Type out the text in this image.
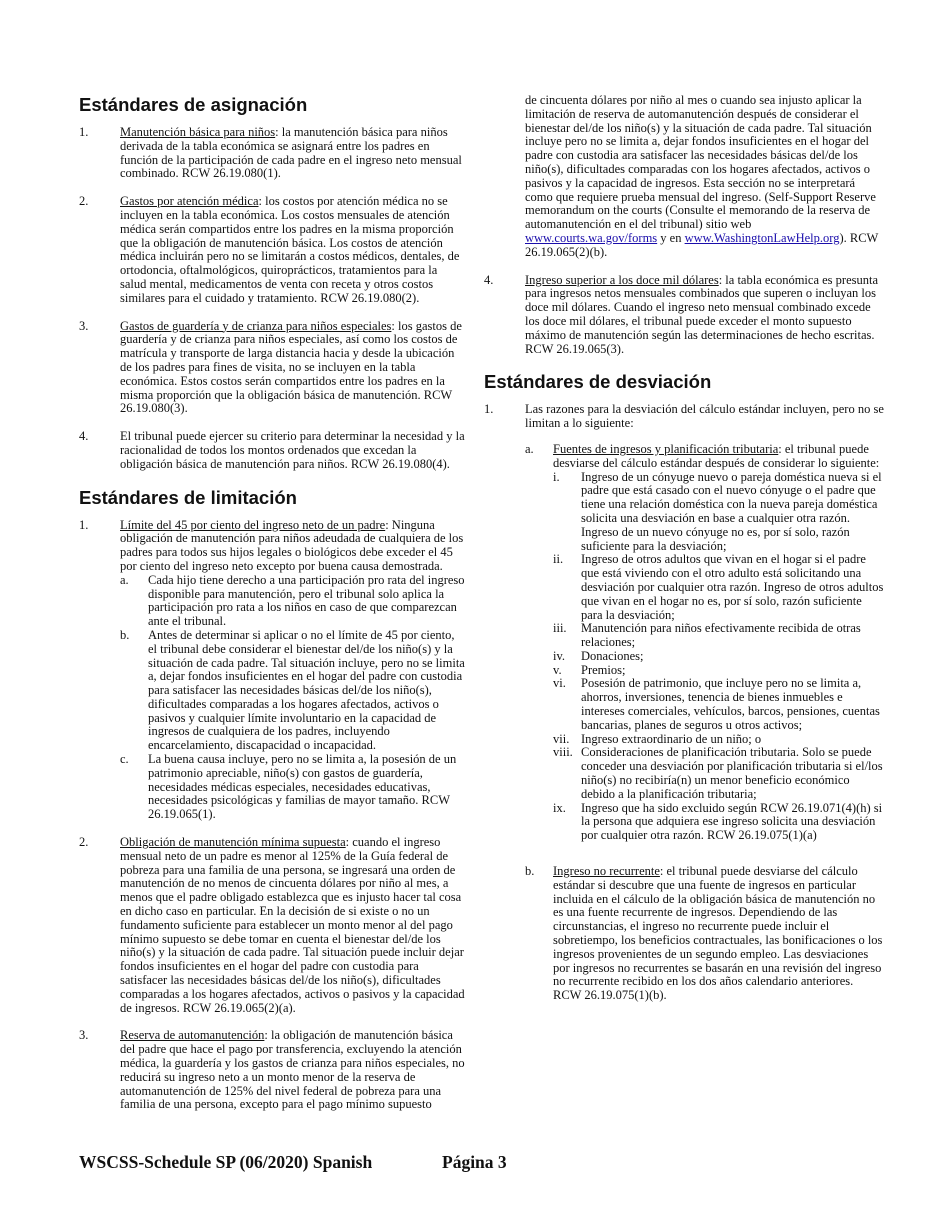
Estándares de asignación
1.	Manutención básica para niños: la manutención básica para niños derivada de la tabla económica se asignará entre los padres en función de la participación de cada padre en el ingreso neto mensual combinado. RCW 26.19.080(1).
2.	Gastos por atención médica: los costos por atención médica no se incluyen en la tabla económica. Los costos mensuales de atención médica serán compartidos entre los padres en la misma proporción que la obligación de manutención básica. Los costos de atención médica incluirán pero no se limitarán a costos médicos, dentales, de ortodoncia, oftalmológicos, quiroprácticos, tratamientos para la salud mental, medicamentos de venta con receta y otros costos similares para el cuidado y tratamiento. RCW 26.19.080(2).
3.	Gastos de guardería y de crianza para niños especiales: los gastos de guardería y de crianza para niños especiales, así como los costos de matrícula y transporte de larga distancia hacia y desde la ubicación de los padres para fines de visita, no se incluyen en la tabla económica. Estos costos serán compartidos entre los padres en la misma proporción que la obligación básica de manutención. RCW 26.19.080(3).
4.	El tribunal puede ejercer su criterio para determinar la necesidad y la racionalidad de todos los montos ordenados que excedan la obligación básica de manutención para niños. RCW 26.19.080(4).
Estándares de limitación
1.	Límite del 45 por ciento del ingreso neto de un padre: Ninguna obligación de manutención para niños adeudada de cualquiera de los padres para todos sus hijos legales o biológicos debe exceder el 45 por ciento del ingreso neto excepto por buena causa demostrada.
a.	Cada hijo tiene derecho a una participación pro rata del ingreso disponible para manutención, pero el tribunal solo aplica la participación pro rata a los niños en caso de que comparezcan ante el tribunal.
b.	Antes de determinar si aplicar o no el límite de 45 por ciento, el tribunal debe considerar el bienestar del/de los niño(s) y la situación de cada padre. Tal situación incluye, pero no se limita a, dejar fondos insuficientes en el hogar del padre con custodia para satisfacer las necesidades básicas del/de los niño(s), dificultades comparadas a los hogares afectados, activos o pasivos y cualquier límite involuntario en la capacidad de ingresos de cualquiera de los padres, incluyendo encarcelamiento, discapacidad o incapacidad.
c.	La buena causa incluye, pero no se limita a, la posesión de un patrimonio apreciable, niño(s) con gastos de guardería, necesidades médicas especiales, necesidades educativas, necesidades psicológicas y familias de mayor tamaño. RCW 26.19.065(1).
2.	Obligación de manutención mínima supuesta: cuando el ingreso mensual neto de un padre es menor al 125% de la Guía federal de pobreza para una familia de una persona, se ingresará una orden de manutención de no menos de cincuenta dólares por niño al mes, a menos que el padre obligado establezca que es injusto hacer tal cosa en dicho caso en particular. En la decisión de si existe o no un fundamento suficiente para establecer un monto menor al del pago mínimo supuesto se debe tomar en cuenta el bienestar del/de los niño(s) y la situación de cada padre. Tal situación puede incluir dejar fondos insuficientes en el hogar del padre con custodia para satisfacer las necesidades básicas del/de los niño(s), dificultades comparadas a los hogares afectados, activos o pasivos y la capacidad de ingresos. RCW 26.19.065(2)(a).
3.	Reserva de automanutención: la obligación de manutención básica del padre que hace el pago por transferencia, excluyendo la atención médica, la guardería y los gastos de crianza para niños especiales, no reducirá su ingreso neto a un monto menor de la reserva de automanutención de 125% del nivel federal de pobreza para una familia de una persona, excepto para el pago mínimo supuesto
de cincuenta dólares por niño al mes o cuando sea injusto aplicar la limitación de reserva de automanutención después de considerar el bienestar del/de los niño(s) y la situación de cada padre. Tal situación incluye pero no se limita a, dejar fondos insuficientes en el hogar del padre con custodia ara satisfacer las necesidades básicas del/de los niño(s), dificultades comparadas con los hogares afectados, activos o pasivos y la capacidad de ingresos. Esta sección no se interpretará como que requiere prueba mensual del ingreso. (Self-Support Reserve memorandum on the courts (Consulte el memorando de la reserva de automanutención en el del tribunal) sitio web www.courts.wa.gov/forms y en www.WashingtonLawHelp.org). RCW 26.19.065(2)(b).
4.	Ingreso superior a los doce mil dólares: la tabla económica es presunta para ingresos netos mensuales combinados que superen o incluyan los doce mil dólares. Cuando el ingreso neto mensual combinado excede los doce mil dólares, el tribunal puede exceder el monto supuesto máximo de manutención según las determinaciones de hecho escritas. RCW 26.19.065(3).
Estándares de desviación
1.	Las razones para la desviación del cálculo estándar incluyen, pero no se limitan a lo siguiente:
a.	Fuentes de ingresos y planificación tributaria: el tribunal puede desviarse del cálculo estándar después de considerar lo siguiente:
i.	Ingreso de un cónyuge nuevo o pareja doméstica nueva si el padre que está casado con el nuevo cónyuge o el padre que tiene una relación doméstica con la nueva pareja doméstica solicita una desviación en base a cualquier otra razón. Ingreso de un nuevo cónyuge no es, por sí solo, razón suficiente para la desviación;
ii.	Ingreso de otros adultos que vivan en el hogar si el padre que está viviendo con el otro adulto está solicitando una desviación por cualquier otra razón. Ingreso de otros adultos que vivan en el hogar no es, por sí solo, razón suficiente para la desviación;
iii.	Manutención para niños efectivamente recibida de otras relaciones;
iv.	Donaciones;
v.	Premios;
vi.	Posesión de patrimonio, que incluye pero no se limita a, ahorros, inversiones, tenencia de bienes inmuebles e intereses comerciales, vehículos, barcos, pensiones, cuentas bancarias, planes de seguros u otros activos;
vii. Ingreso extraordinario de un niño; o
viii. Consideraciones de planificación tributaria. Solo se puede conceder una desviación por planificación tributaria si el/los niño(s) no recibiría(n) un menor beneficio económico debido a la planificación tributaria;
ix.	Ingreso que ha sido excluido según RCW 26.19.071(4)(h) si la persona que adquiera ese ingreso solicita una desviación por cualquier otra razón. RCW 26.19.075(1)(a)
b.	Ingreso no recurrente: el tribunal puede desviarse del cálculo estándar si descubre que una fuente de ingresos en particular incluida en el cálculo de la obligación básica de manutención no es una fuente recurrente de ingresos. Dependiendo de las circunstancias, el ingreso no recurrente puede incluir el sobretiempo, los beneficios contractuales, las bonificaciones o los ingresos provenientes de un segundo empleo. Las desviaciones por ingresos no recurrentes se basarán en una revisión del ingreso no recurrente recibido en los dos años calendario anteriores. RCW 26.19.075(1)(b).
WSCSS-Schedule SP (06/2020) Spanish	Página 3
